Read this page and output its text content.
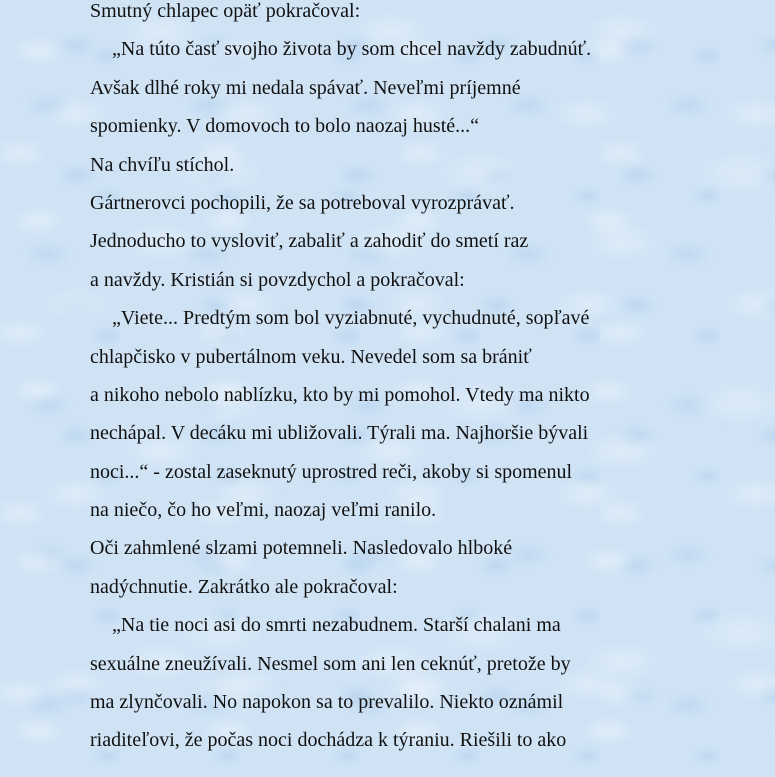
Smutný chlapec opäť pokračoval:
„Na túto časť svojho života by som chcel navždy zabudnúť.
Avšak dlhé roky mi nedala spávať. Neveľmi príjemné
spomienky. V domovoch to bolo naozaj husté...“
Na chvíľu stíchol.
Gártnerovci pochopili, že sa potreboval vyrozprávať.
Jednoducho to vysloviť, zabaliť a zahodiť do smetí raz
a navždy. Kristián si povzdychol a pokračoval:
„Viete... Predtým som bol vyziabnuté, vychudnuté, sopľavé
chlapčisko v pubertálnom veku. Nevedel som sa brániť
a nikoho nebolo nablízku, kto by mi pomohol. Vtedy ma nikto
nechápal. V decáku mi ubližovali. Týrali ma. Najhoršie bývali
noci...“ - zostal zaseknutý uprostred reči, akoby si spomenul
na niečo, čo ho veľmi, naozaj veľmi ranilo.
Oči zahmlené slzami potemneli. Nasledovalo hlboké
nadýchnutie. Zakrátko ale pokračoval:
„Na tie noci asi do smrti nezabudnem. Starší chalani ma
sexuálne zneužívali. Nesmel som ani len ceknúť, pretože by
ma zlynčovali. No napokon sa to prevalilo. Niekto oznámil
riaditeľovi, že počas noci dochádza k týraniu. Riešili to ako
